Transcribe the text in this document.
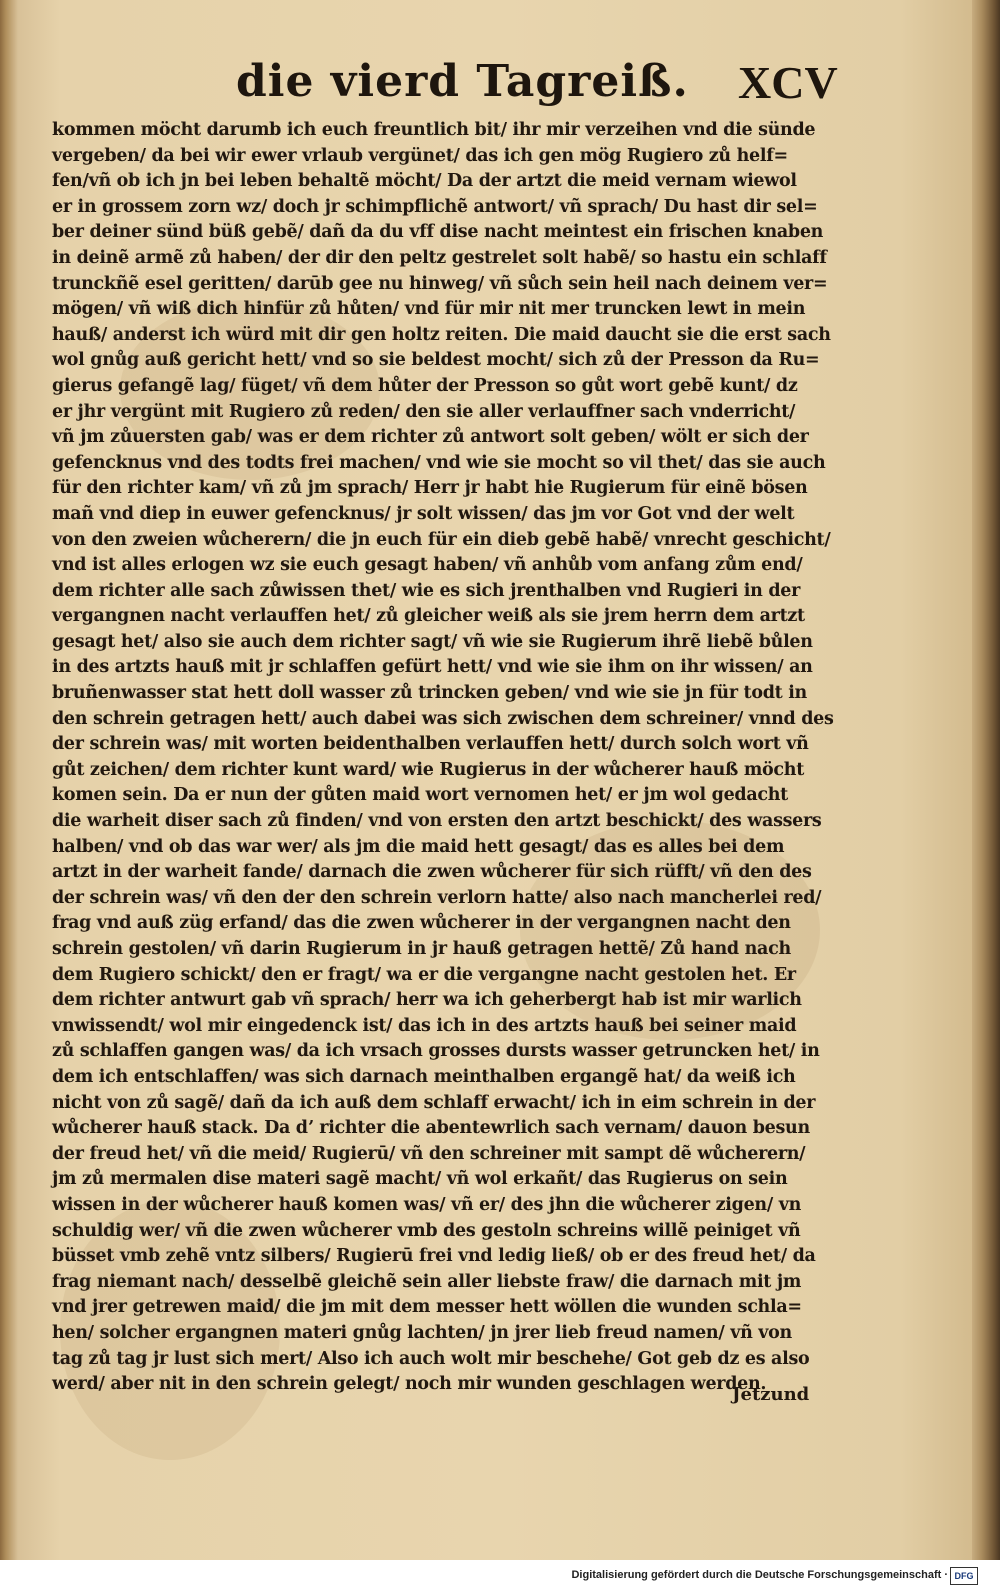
die vierd Tagreiß. XCV
kommen möcht darumb ich euch freuntlich bit/ ihr mir verzeihen vnd die sünde
vergeben/ da bei wir ewer vrlaub vergünet/ das ich gen mög Rugiero zů helf=
fen/vñ ob ich jn bei leben behaltẽ möcht/ Da der artzt die meid vernam wiewol
er in grossem zorn wz/ doch jr schimpflichẽ antwort/ vñ sprach/ Du hast dir sel=
ber deiner sünd büß gebẽ/ dañ da du vff dise nacht meintest ein frischen knaben
in deinẽ armẽ zů haben/ der dir den peltz gestrelet solt habẽ/ so hastu ein schlaff
trunckñẽ esel geritten/ darūb gee nu hinweg/ vñ sůch sein heil nach deinem ver=
mögen/ vñ wiß dich hinfür zů hůten/ vnd für mir nit mer truncken lewt in mein
hauß/ anderst ich würd mit dir gen holtz reiten. Die maid daucht sie die erst sach
wol gnůg auß gericht hett/ vnd so sie beldest mocht/ sich zů der Presson da Ru=
gierus gefangẽ lag/ füget/ vñ dem hůter der Presson so gůt wort gebẽ kunt/ dz
er jhr vergünt mit Rugiero zů reden/ den sie aller verlauffner sach vnderricht/
vñ jm zůuersten gab/ was er dem richter zů antwort solt geben/ wölt er sich der
gefencknus vnd des todts frei machen/ vnd wie sie mocht so vil thet/ das sie auch
für den richter kam/ vñ zů jm sprach/ Herr jr habt hie Rugierum für einẽ bösen
mañ vnd diep in euwer gefencknus/ jr solt wissen/ das jm vor Got vnd der welt
von den zweien wůcherern/ die jn euch für ein dieb gebẽ habẽ/ vnrecht geschicht/
vnd ist alles erlogen wz sie euch gesagt haben/ vñ anhůb vom anfang zům end/
dem richter alle sach zůwissen thet/ wie es sich jrenthalben vnd Rugieri in der
vergangnen nacht verlauffen het/ zů gleicher weiß als sie jrem herrn dem artzt
gesagt het/ also sie auch dem richter sagt/ vñ wie sie Rugierum ihrẽ liebẽ bůlen
in des artzts hauß mit jr schlaffen gefürt hett/ vnd wie sie ihm on ihr wissen/ an
bruñenwasser stat hett doll wasser zů trincken geben/ vnd wie sie jn für todt in
den schrein getragen hett/ auch dabei was sich zwischen dem schreiner/ vnnd des
der schrein was/ mit worten beidenthalben verlauffen hett/ durch solch wort vñ
gůt zeichen/ dem richter kunt ward/ wie Rugierus in der wůcherer hauß möcht
komen sein. Da er nun der gůten maid wort vernomen het/ er jm wol gedacht
die warheit diser sach zů finden/ vnd von ersten den artzt beschickt/ des wassers
halben/ vnd ob das war wer/ als jm die maid hett gesagt/ das es alles bei dem
artzt in der warheit fande/ darnach die zwen wůcherer für sich rüfft/ vñ den des
der schrein was/ vñ den der den schrein verlorn hatte/ also nach mancherlei red/
frag vnd auß züg erfand/ das die zwen wůcherer in der vergangnen nacht den
schrein gestolen/ vñ darin Rugierum in jr hauß getragen hettẽ/ Zů hand nach
dem Rugiero schickt/ den er fragt/ wa er die vergangne nacht gestolen het. Er
dem richter antwurt gab vñ sprach/ herr wa ich geherbergt hab ist mir warlich
vnwissendt/ wol mir eingedenck ist/ das ich in des artzts hauß bei seiner maid
zů schlaffen gangen was/ da ich vrsach grosses dursts wasser getruncken het/ in
dem ich entschlaffen/ was sich darnach meinthalben ergangẽ hat/ da weiß ich
nicht von zů sagẽ/ dañ da ich auß dem schlaff erwacht/ ich in eim schrein in der
wůcherer hauß stack. Da dʼ richter die abentewrlich sach vernam/ dauon besun
der freud het/ vñ die meid/ Rugierū/ vñ den schreiner mit sampt dẽ wůcherern/
jm zů mermalen dise materi sagẽ macht/ vñ wol erkañt/ das Rugierus on sein
wissen in der wůcherer hauß komen was/ vñ er/ des jhn die wůcherer zigen/ vn
schuldig wer/ vñ die zwen wůcherer vmb des gestoln schreins willẽ peiniget vñ
büsset vmb zehẽ vntz silbers/ Rugierū frei vnd ledig ließ/ ob er des freud het/ da
frag niemant nach/ desselbẽ gleichẽ sein aller liebste fraw/ die darnach mit jm
vnd jrer getrewen maid/ die jm mit dem messer hett wöllen die wunden schla=
hen/ solcher ergangnen materi gnůg lachten/ jn jrer lieb freud namen/ vñ von
tag zů tag jr lust sich mert/ Also ich auch wolt mir beschehe/ Got geb dz es also
werd/ aber nit in den schrein gelegt/ noch mir wunden geschlagen werden.
Jetzund
Digitalisierung gefördert durch die Deutsche Forschungsgemeinschaft · DFG
